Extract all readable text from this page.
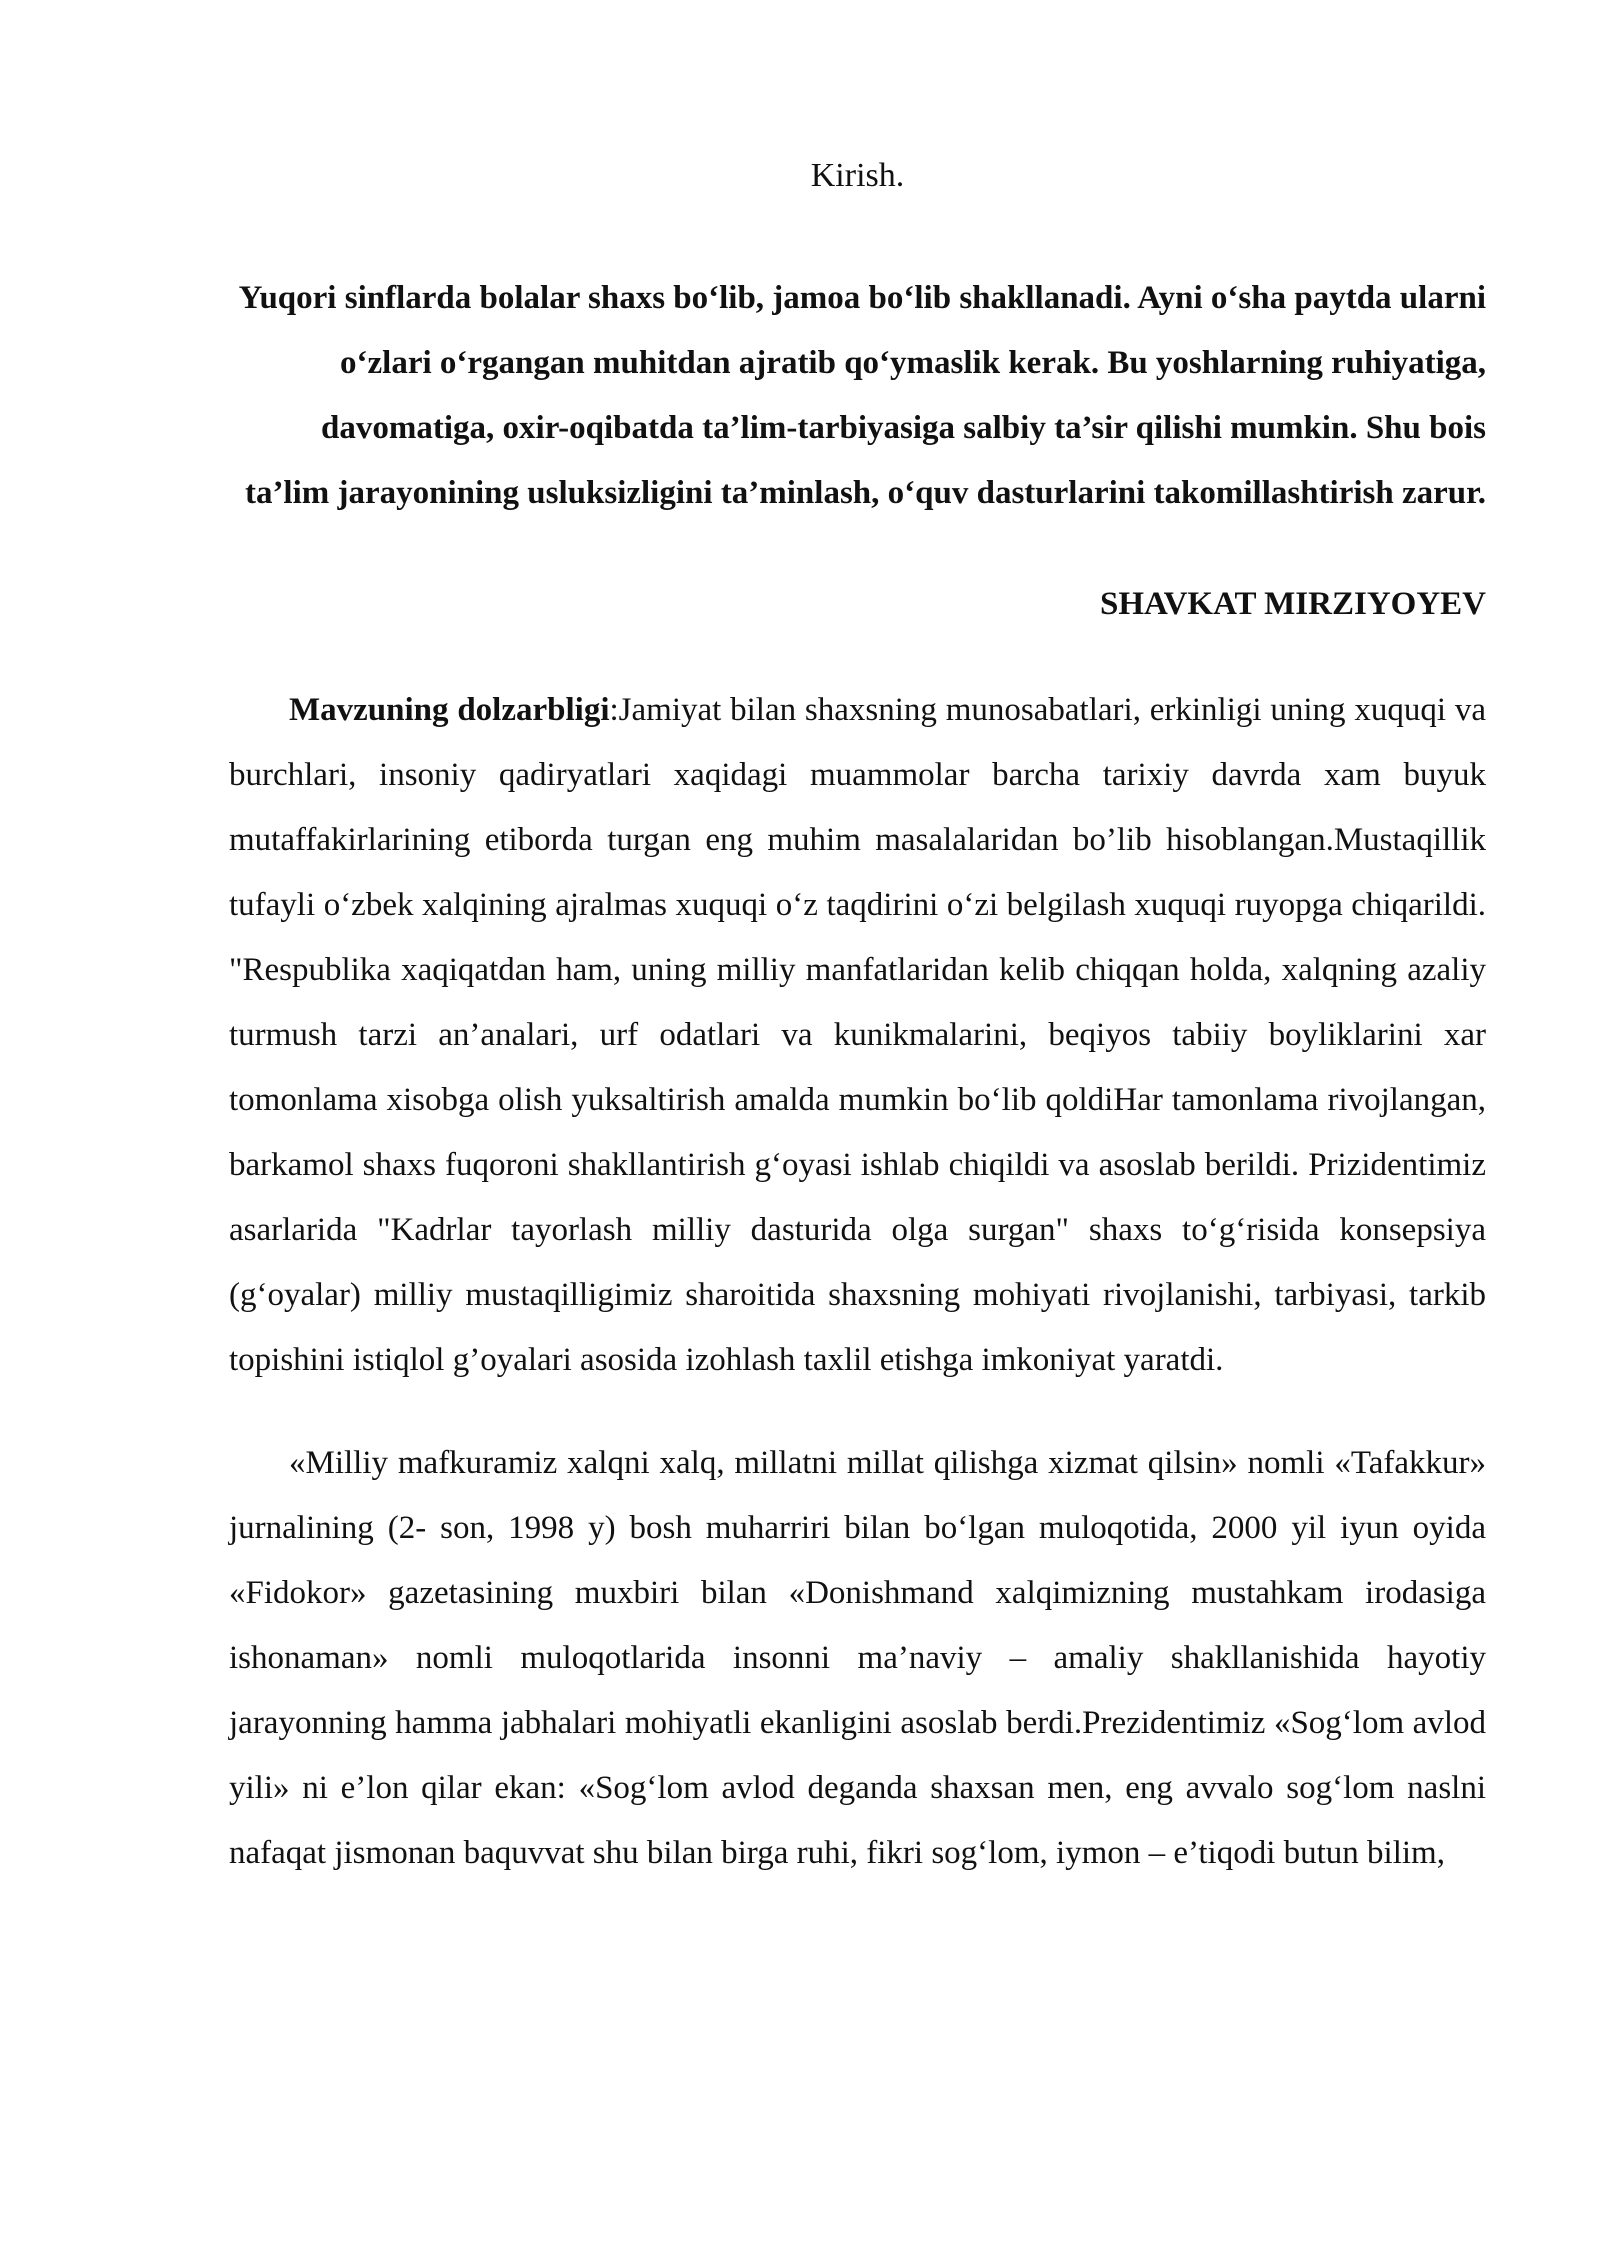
Kirish.
Yuqori sinflarda bolalar shaxs bo‘lib, jamoa bo‘lib shakllanadi. Ayni o‘sha paytda ularni o‘zlari o‘rgangan muhitdan ajratib qo‘ymaslik kerak. Bu yoshlarning ruhiyatiga, davomatiga, oxir-oqibatda ta’lim-tarbiyasiga salbiy ta’sir qilishi mumkin. Shu bois ta’lim jarayonining usluksizligini ta’minlash, o‘quv dasturlarini takomillashtirish zarur.
SHAVKAT MIRZIYOYEV

Mavzuning dolzarbligi:Jamiyat bilan shaxsning munosabatlari, erkinligi uning xuquqi va burchlari, insoniy qadiryatlari xaqidagi muammolar barcha tarixiy davrda xam buyuk mutaffakirlarining etiborda turgan eng muhim masalalaridan bo’lib hisoblangan.Mustaqillik tufayli o‘zbek xalqining ajralmas xuquqi o‘z taqdirini o‘zi belgilash xuquqi ruyopga chiqarildi. "Respublika xaqiqatdan ham, uning milliy manfatlaridan kelib chiqqan holda, xalqning azaliy turmush tarzi an’analari, urf odatlari va kunikmalarini, beqiyos tabiiy boyliklarini xar tomonlama xisobga olish yuksaltirish amalda mumkin bo‘lib qoldiHar tamonlama rivojlangan, barkamol shaxs fuqoroni shakllantirish g‘oyasi ishlab chiqildi va asoslab berildi. Prizidentimiz asarlarida "Kadrlar tayorlash milliy dasturida olga surgan" shaxs to‘g‘risida konsepsiya (g‘oyalar) milliy mustaqilligimiz sharoitida shaxsning mohiyati rivojlanishi, tarbiyasi, tarkib topishini istiqlol g’oyalari asosida izohlash taxlil etishga imkoniyat yaratdi.

«Milliy mafkuramiz xalqni xalq, millatni millat qilishga xizmat qilsin» nomli «Tafakkur» jurnalining (2- son, 1998 y) bosh muharriri bilan bo‘lgan muloqotida, 2000 yil iyun oyida «Fidokor» gazetasining muxbiri bilan «Donishmand xalqimizning mustahkam irodasiga ishonaman» nomli muloqotlarida insonni ma’naviy – amaliy shakllanishida hayotiy jarayonning hamma jabhalari mohiyatli ekanligini asoslab berdi.Prezidentimiz «Sog‘lom avlod yili» ni e’lon qilar ekan: «Sog‘lom avlod deganda shaxsan men, eng avvalo sog‘lom naslni nafaqat jismonan baquvvat shu bilan birga ruhi, fikri sog‘lom, iymon – e’tiqodi butun bilim,
